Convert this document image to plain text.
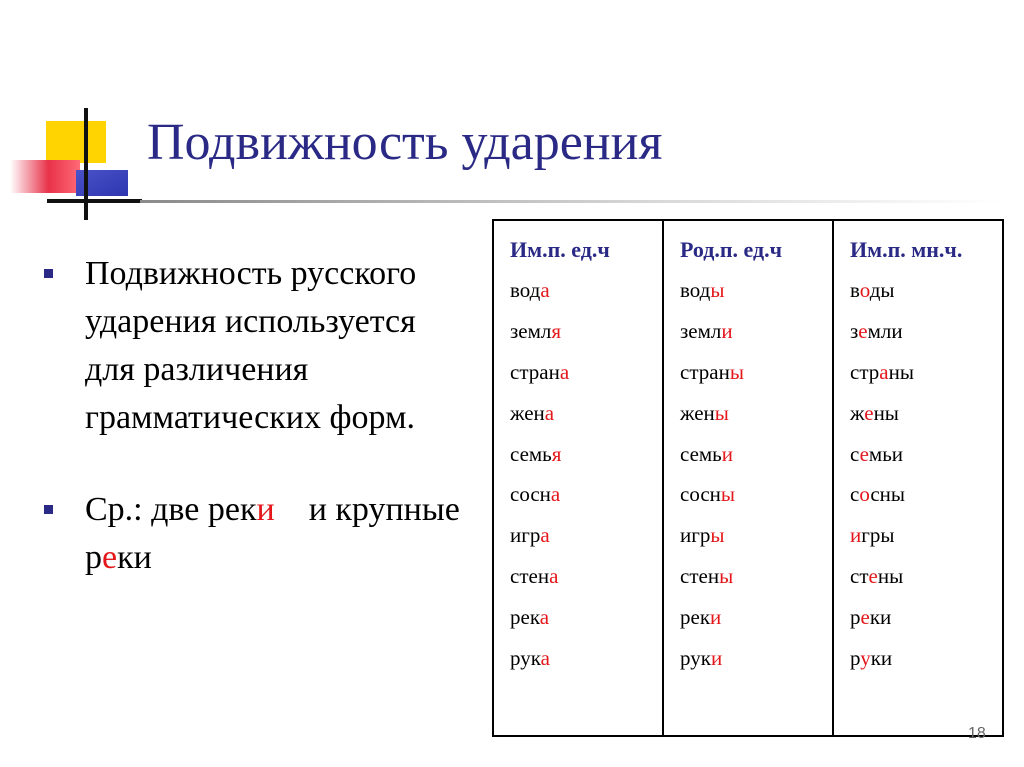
Подвижность ударения
Подвижность русского ударения используется для различения грамматических форм.
Ср.: две реки    и крупные  реки
Им.п. ед.ч
вода
земля
страна
жена
семья
сосна
игра
стена
река
рука
Род.п. ед.ч
воды
земли
страны
жены
семьи
сосны
игры
стены
реки
руки
Им.п. мн.ч.
воды
земли
страны
жены
семьи
сосны
игры
стены
реки
руки
18
